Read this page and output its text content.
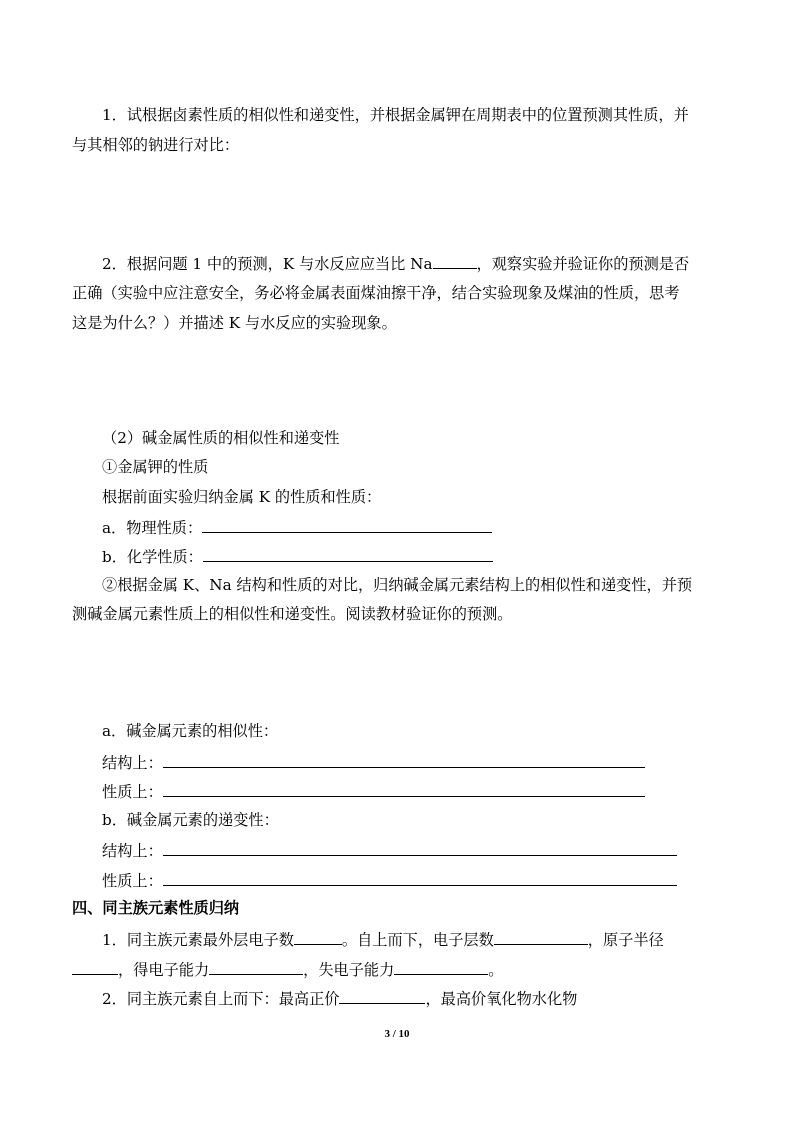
1．试根据卤素性质的相似性和递变性，并根据金属钾在周期表中的位置预测其性质，并
与其相邻的钠进行对比：
2．根据问题 1 中的预测，K 与水反应应当比 Na	，观察实验并验证你的预测是否
正确（实验中应注意安全，务必将金属表面煤油擦干净，结合实验现象及煤油的性质，思考
这是为什么？）并描述 K 与水反应的实验现象。
（2）碱金属性质的相似性和递变性
①金属钾的性质
根据前面实验归纳金属 K 的性质和性质：
a．物理性质：
b．化学性质：
②根据金属 K、Na 结构和性质的对比，归纳碱金属元素结构上的相似性和递变性，并预
测碱金属元素性质上的相似性和递变性。阅读教材验证你的预测。
a．碱金属元素的相似性：
结构上：
性质上：
b．碱金属元素的递变性：
结构上：
性质上：
四、同主族元素性质归纳
1．同主族元素最外层电子数	。自上而下，电子层数	，原子半径
，得电子能力	，失电子能力	。
2．同主族元素自上而下：最高正价	，最高价氧化物水化物
3 / 10
